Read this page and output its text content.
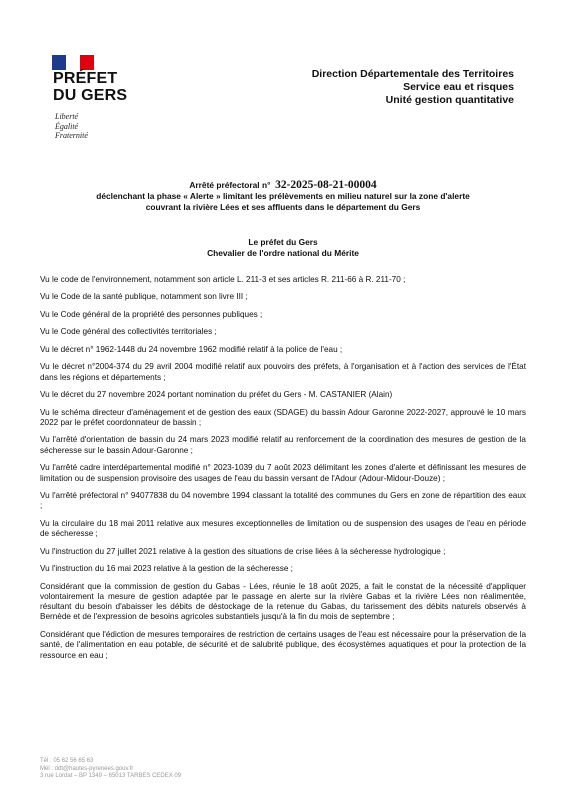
PRÉFET
DU GERS
Liberté
Égalité
Fraternité
Direction Départementale des Territoires
Service eau et risques
Unité gestion quantitative
Arrêté préfectoral n° 32-2025-08-21-00004
déclenchant la phase « Alerte » limitant les prélèvements en milieu naturel sur la zone d'alerte
couvrant la rivière Lées et ses affluents dans le département du Gers
Le préfet du Gers
Chevalier de l'ordre national du Mérite

Vu le code de l'environnement, notamment son article L. 211-3 et ses articles R. 211-66 à R. 211-70 ;

Vu le Code de la santé publique, notamment son livre III ;

Vu le Code général de la propriété des personnes publiques ;

Vu le Code général des collectivités territoriales ;

Vu le décret n° 1962-1448 du 24 novembre 1962 modifié relatif à la police de l'eau ;

Vu le décret n°2004-374 du 29 avril 2004 modifié relatif aux pouvoirs des préfets, à l'organisation et à l'action des services de l'État dans les régions et départements ;

Vu le décret du 27 novembre 2024 portant nomination du préfet du Gers - M. CASTANIER (Alain)

Vu le schéma directeur d'aménagement et de gestion des eaux (SDAGE) du bassin Adour Garonne 2022-2027, approuvé le 10 mars 2022 par le préfet coordonnateur de bassin ;

Vu l'arrêté d'orientation de bassin du 24 mars 2023 modifié relatif au renforcement de la coordination des mesures de gestion de la sécheresse sur le bassin Adour-Garonne ;

Vu l'arrêté cadre interdépartemental modifié n° 2023-1039 du 7 août 2023 délimitant les zones d'alerte et définissant les mesures de limitation ou de suspension provisoire des usages de l'eau du bassin versant de l'Adour (Adour-Midour-Douze) ;

Vu l'arrêté préfectoral n° 94077838 du 04 novembre 1994 classant la totalité des communes du Gers en zone de répartition des eaux ;

Vu la circulaire du 18 mai 2011 relative aux mesures exceptionnelles de limitation ou de suspension des usages de l'eau en période de sécheresse ;

Vu l'instruction du 27 juillet 2021 relative à la gestion des situations de crise liées à la sécheresse hydrologique ;

Vu l'instruction du 16 mai 2023 relative à la gestion de la sécheresse ;

Considérant que la commission de gestion du Gabas - Lées, réunie le 18 août 2025, a fait le constat de la nécessité d'appliquer volontairement la mesure de gestion adaptée par le passage en alerte sur la rivière Gabas et la rivière Lées non réalimentée, résultant du besoin d'abaisser les débits de déstockage de la retenue du Gabas, du tarissement des débits naturels observés à Bernède et de l'expression de besoins agricoles substantiels jusqu'à la fin du mois de septembre ;

Considérant que l'édiction de mesures temporaires de restriction de certains usages de l'eau est nécessaire pour la préservation de la santé, de l'alimentation en eau potable, de sécurité et de salubrité publique, des écosystèmes aquatiques et pour la protection de la ressource en eau ;

Tél : 05 62 56 65 63
Mél : ddt@hautes-pyrenees.gouv.fr
3 rue Lordat – BP 1349 – 65013 TARBES CEDEX 09
